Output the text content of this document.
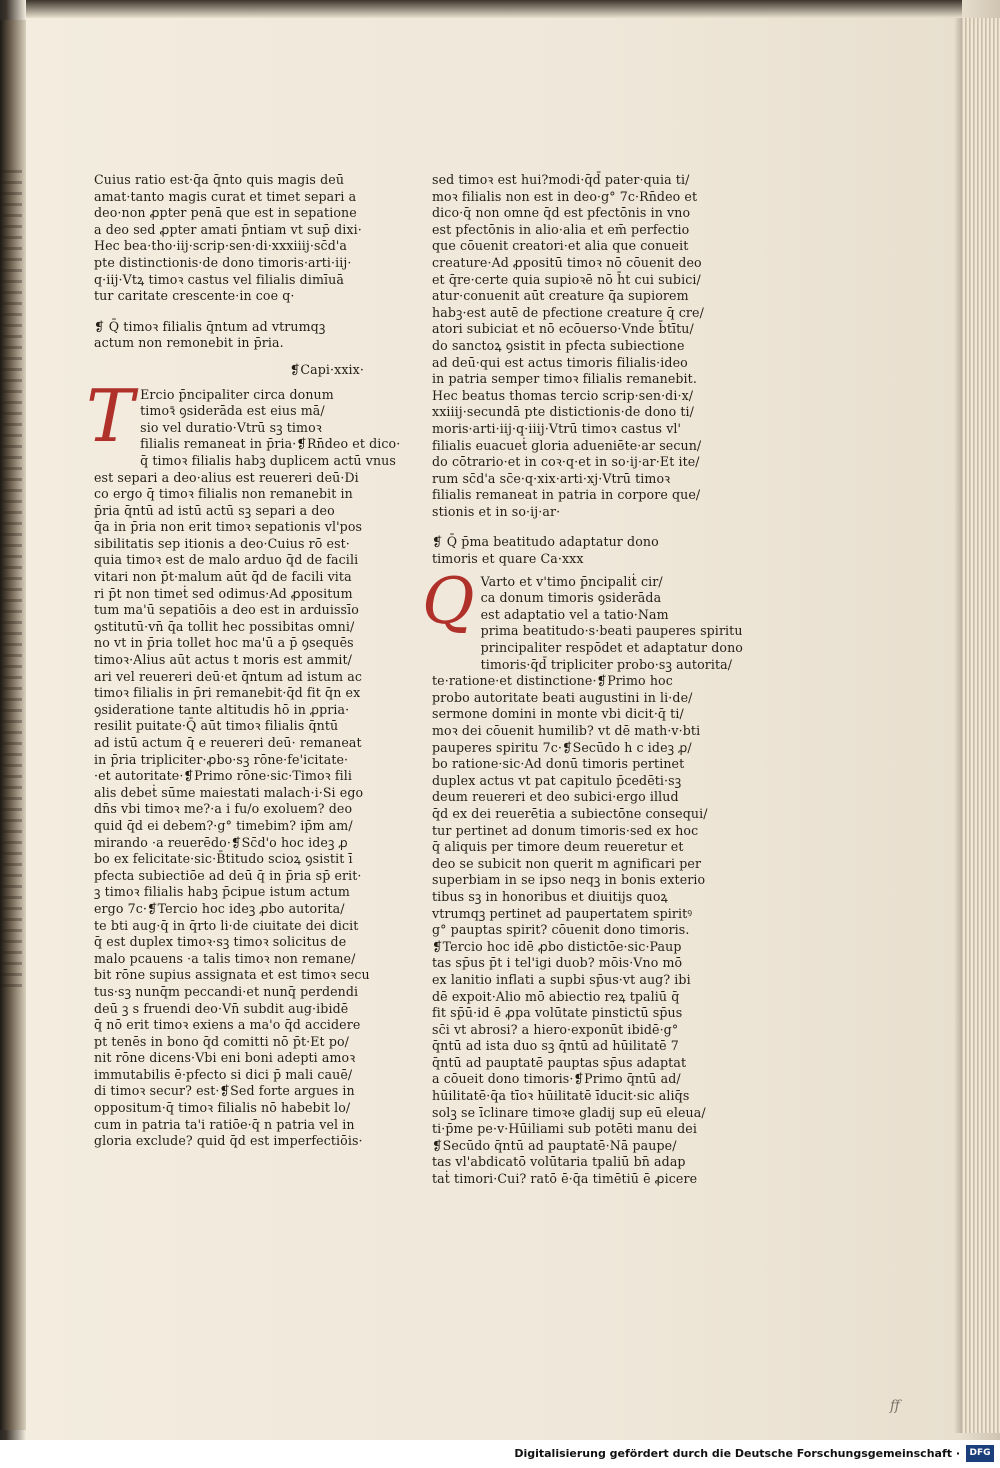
Cuius ratio est·q̄a q̄nto quis magis deū
amat·tanto magis curat et timet separi a
deo·non ꝓpter penā que est in sepatione
a deo sed ꝓpter amati p̄ntiam vt sup̄ dixi·
Hec bea·tho·iij·scrip·sen·di·xxxiiij·sc̄d'a
pte distinctionis·de dono timoris·arti·iij·
q·iij·Vtꝝ timoꝛ castus vel filialis dimīuā
tur caritate crescente·in coe q·
❡ Q̄ timoꝛ filialis q̄ntum ad vtrumqꝫ
actum non remonebit in p̄ria.
❡Capi·xxix·
T Ercio p̄ncipaliter circa donum
timoꝛ̄ ꝯsiderāda est eius mā/
sio vel duratio·Vtrū sꝫ timoꝛ
filialis remaneat in p̄ria·❡Rn̄deo et dico·
q̄ timoꝛ filialis habꝫ duplicem actū vnus
est separi a deo·alius est reuereri deū·Di
co ergo q̄ timoꝛ filialis non remanebit in
p̄ria q̄ntū ad istū actū sꝫ separi a deo
q̄a in p̄ria non erit timoꝛ sepationis vl'pos
sibilitatis sep itionis a deo·Cuius rō est·
quia timoꝛ est de malo arduo q̄d de facili
vitari non p̄t·malum aūt q̄d de facili vita
ri p̄t non timeṫ sed odimus·Ad ꝓpositum
tum ma'ū sepatiōis a deo est in arduissīo
ꝯstitutū·vn̄ q̄a tollit hec possibitas omni/
no vt in p̄ria tollet hoc ma'ū a p̄ ꝯsequēs
timoꝛ·Alius aūt actus t moris est ammit/
ari vel reuereri deū·et q̄ntum ad istum ac
timoꝛ filialis in p̄ri remanebit·q̄d fit q̄n ex
ꝯsideratione tante altitudis hō in ꝓpria·
resilit puitate·Q̄ aūt timoꝛ filialis q̄ntū
ad istū actum q̄ e reuereri deū· remaneat
in p̄ria tripliciter·ꝓbo·sꝫ rōne·fe'icitate·
·et autoritate·❡Primo rōne·sic·Timoꝛ fili
alis debeṫ sūme maiestati malach·i·Si ego
dn̄s vbi timoꝛ me?·a i fu/o exoluem? deo
quid q̄d ei debem?·g° timebim? ip̄m am/
mirando ·a reuerēdo·❡Sc̄d'o hoc ideꝫ ꝓ
bo ex felicitate·sic·B̄titudo scioꝝ ꝯsistit ī
pfecta subiectiōe ad deū q̄ in p̄ria sp̄ erit·
ꝫ timoꝛ filialis habꝫ p̄cipue istum actum
ergo 7c·❡Tercio hoc ideꝫ ꝓbo autorita/
te bti aug·q̄ in q̄rto li·de ciuitate dei dicit
q̄ est duplex timoꝛ·sꝫ timoꝛ solicitus de
malo pcauens ·a talis timoꝛ non remane/
bit rōne supius assignata et est timoꝛ secu
tus·sꝫ nunq̄m peccandi·et nunq̄ perdendi
deū ꝫ s fruendi deo·Vn̄ subdit aug·ibidē
q̄ nō erit timoꝛ exiens a ma'o q̄d accidere
pt tenēs in bono q̄d comitti nō p̄t·Et po/
nit rōne dicens·Vbi eni boni adepti amoꝛ
immutabilis ē·pfecto si dici p̄ mali cauē/
di timoꝛ secur? est·❡Sed forte argues in
oppositum·q̄ timoꝛ filialis nō habebit lo/
cum in patria ta'i ratiōe·q̄ n patria vel in
gloria exclude? quid q̄d est imperfectiōis·
sed timoꝛ est hui?modi·q̄d̄ pater·quia ti/
moꝛ filialis non est in deo·g° 7c·Rn̄deo et
dico·q̄ non omne q̄d est pfectōnis in vno
est pfectōnis in alio·alia et em̄ perfectio
que cōuenit creatori·et alia que conueit
creature·Ad ꝓpositū timoꝛ nō cōuenit deo
et q̄re·certe quia supioꝛē nō h̄t cui subici/
atur·conuenit aūt creature q̄a supiorem
habꝫ·est autē de pfectione creature q̄ cre/
atori subiciat et nō ecōuerso·Vnde b̄tītu/
do sanctoꝝ ꝯsistit in pfecta subiectione
ad deū·qui est actus timoris filialis·ideo
in patria semper timoꝛ filialis remanebit.
Hec beatus thomas tercio scrip·sen·di·x/
xxiiij·secundā pte distictionis·de dono ti/
moris·arti·iij·q·iiij·Vtrū timoꝛ castus vl'
filialis euacueṫ gloria adueniēte·ar secun/
do cōtrario·et in coꝛ·q·et in so·ij·ar·Et ite/
rum sc̄d'a sc̄e·q·xix·arti·xj·Vtrū timoꝛ
filialis remaneat in patria in corpore que/
stionis et in so·ij·ar·
❡ Q̄ p̄ma beatitudo adaptatur dono
timoris et quare Ca·xxx
Q Varto et v'timo p̄ncipaliṫ cir/
ca donum timoris ꝯsiderāda
est adaptatio vel a tatio·Nam
prima beatitudo·s·beati pauperes spiritu
principaliter respōdet et adaptatur dono
timoris·q̄d̄ tripliciter probo·sꝫ autorita/
te·ratione·et distinctione·❡Primo hoc
probo autoritate beati augustini in li·de/
sermone domini in monte vbi dicit·q̄ ti/
moꝛ dei cōuenit humilib? vt dē math·v·bti
pauperes spiritu 7c·❡Secūdo h c ideꝫ ꝓ/
bo ratione·sic·Ad donū timoris pertinet
duplex actus vt pat capitulo p̄cedēti·sꝫ
deum reuereri et deo subici·ergo illud
q̄d ex dei reuerētia a subiectōne consequi/
tur pertinet ad donum timoris·sed ex hoc
q̄ aliquis per timore deum reueretur et
deo se subicit non querit m agnificari per
superbiam in se ipso neqꝫ in bonis exterio
tibus sꝫ in honoribus et diuitijs quoꝝ
vtrumqꝫ pertinet ad paupertatem spiritꝰ
g° pauptas spirit? cōuenit dono timoris.
❡Tercio hoc idē ꝓbo distictōe·sic·Paup
tas sp̄us p̄t i tel'igi duob? mōis·Vno mō
ex lanitio inflati a supbi sp̄us·vt aug? ibi
dē expoit·Alio mō abiectio reꝝ tpaliū q̄
fit sp̄ū·id ē ꝓpa volūtate pinstictū sp̄us
sc̄i vt abrosi? a hiero·exponūt ibidē·g°
q̄ntū ad ista duo sꝫ q̄ntū ad hūilitatē 7
q̄ntū ad pauptatē pauptas sp̄us adaptat
a cōueit dono timoris·❡Primo q̄ntū ad/
hūilitatē·q̄a tīoꝛ hūilitatē īducit·sic aliq̄s
solꝫ se īclinare timoꝛe gladij sup eū eleua/
ti·p̄me pe·v·Hūiliami sub potēti manu dei
❡Secūdo q̄ntū ad pauptatē·Nā paupe/
tas vl'abdicatō volūtaria tpaliū bn̄ adap
taṫ timori·Cui? ratō ē·q̄a timētiū ē ꝓicere
ff
Digitalisierung gefördert durch die Deutsche Forschungsgemeinschaft ·	DFG
